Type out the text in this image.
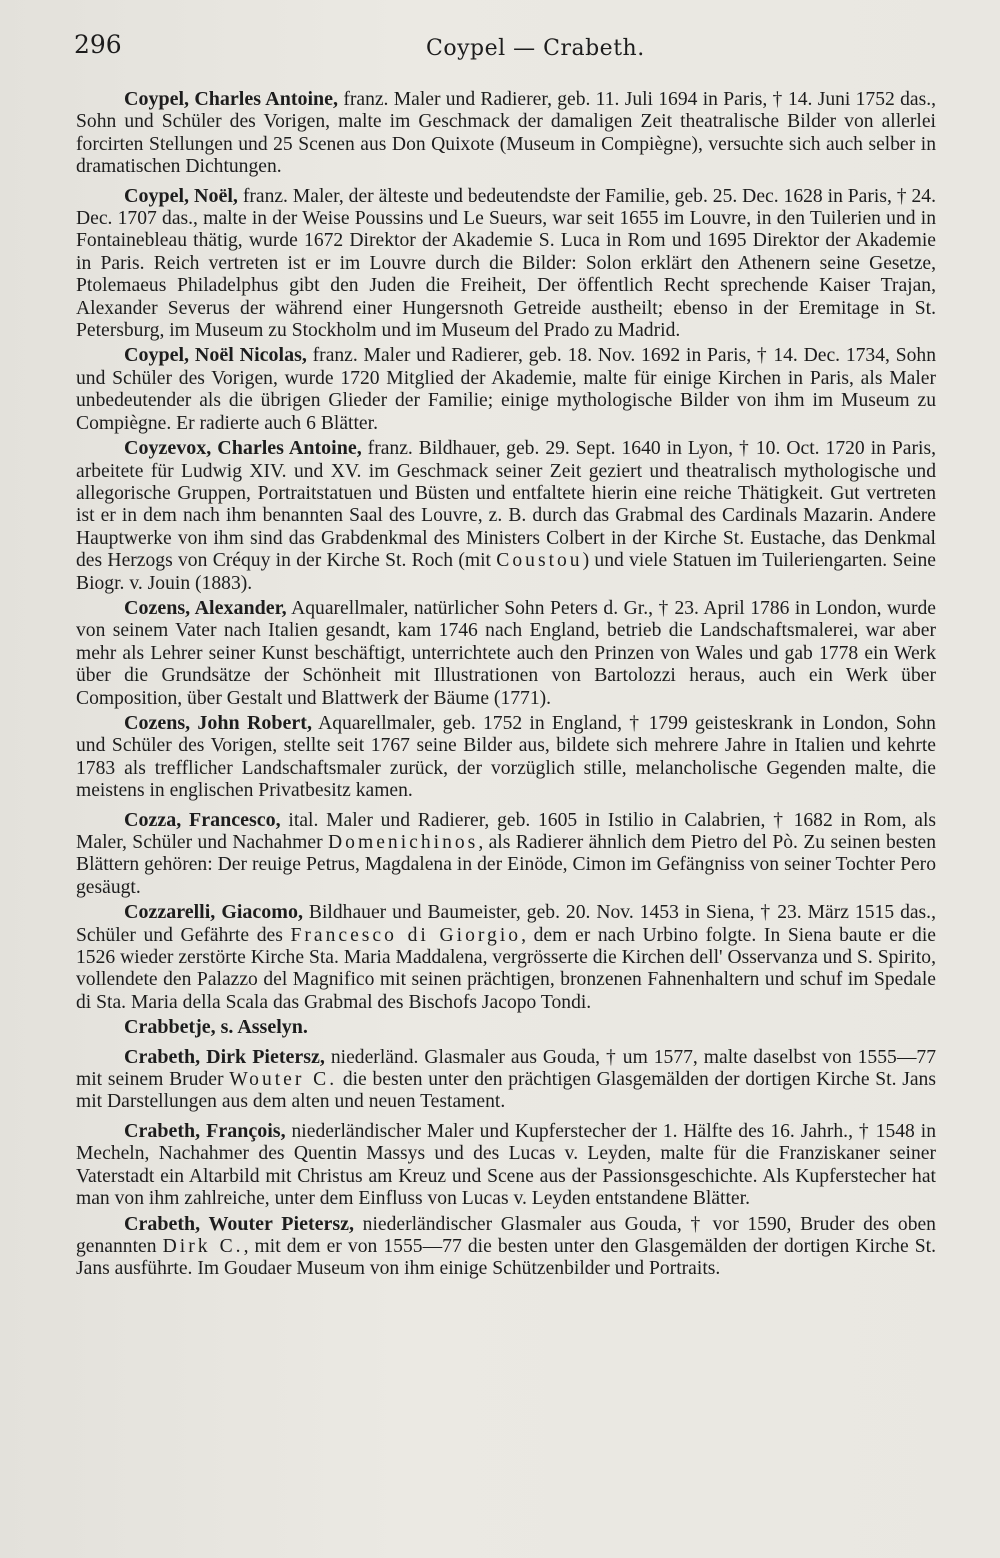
296	Coypel — Crabeth.

Coypel, Charles Antoine, franz. Maler und Radierer, geb. 11. Juli 1694 in Paris, † 14. Juni 1752 das., Sohn und Schüler des Vorigen, malte im Geschmack der damaligen Zeit theatralische Bilder von allerlei forcirten Stellungen und 25 Scenen aus Don Quixote (Museum in Compiègne), versuchte sich auch selber in dramatischen Dichtungen.

Coypel, Noël, franz. Maler, der älteste und bedeutendste der Familie, geb. 25. Dec. 1628 in Paris, † 24. Dec. 1707 das., malte in der Weise Poussins und Le Sueurs, war seit 1655 im Louvre, in den Tuilerien und in Fontainebleau thätig, wurde 1672 Direktor der Akademie S. Luca in Rom und 1695 Direktor der Akademie in Paris. Reich vertreten ist er im Louvre durch die Bilder: Solon erklärt den Athenern seine Gesetze, Ptolemaeus Philadelphus gibt den Juden die Freiheit, Der öffentlich Recht sprechende Kaiser Trajan, Alexander Severus der während einer Hungersnoth Getreide austheilt; ebenso in der Eremitage in St. Petersburg, im Museum zu Stockholm und im Museum del Prado zu Madrid.

Coypel, Noël Nicolas, franz. Maler und Radierer, geb. 18. Nov. 1692 in Paris, † 14. Dec. 1734, Sohn und Schüler des Vorigen, wurde 1720 Mitglied der Akademie, malte für einige Kirchen in Paris, als Maler unbedeutender als die übrigen Glieder der Familie; einige mythologische Bilder von ihm im Museum zu Compiègne. Er radierte auch 6 Blätter.

Coyzevox, Charles Antoine, franz. Bildhauer, geb. 29. Sept. 1640 in Lyon, † 10. Oct. 1720 in Paris, arbeitete für Ludwig XIV. und XV. im Geschmack seiner Zeit geziert und theatralisch mythologische und allegorische Gruppen, Portraitstatuen und Büsten und entfaltete hierin eine reiche Thätigkeit. Gut vertreten ist er in dem nach ihm benannten Saal des Louvre, z. B. durch das Grabmal des Cardinals Mazarin. Andere Hauptwerke von ihm sind das Grabdenkmal des Ministers Colbert in der Kirche St. Eustache, das Denkmal des Herzogs von Créquy in der Kirche St. Roch (mit Coustou) und viele Statuen im Tuileriengarten. Seine Biogr. v. Jouin (1883).

Cozens, Alexander, Aquarellmaler, natürlicher Sohn Peters d. Gr., † 23. April 1786 in London, wurde von seinem Vater nach Italien gesandt, kam 1746 nach England, betrieb die Landschaftsmalerei, war aber mehr als Lehrer seiner Kunst beschäftigt, unterrichtete auch den Prinzen von Wales und gab 1778 ein Werk über die Grundsätze der Schönheit mit Illustrationen von Bartolozzi heraus, auch ein Werk über Composition, über Gestalt und Blattwerk der Bäume (1771).

Cozens, John Robert, Aquarellmaler, geb. 1752 in England, † 1799 geisteskrank in London, Sohn und Schüler des Vorigen, stellte seit 1767 seine Bilder aus, bildete sich mehrere Jahre in Italien und kehrte 1783 als trefflicher Landschaftsmaler zurück, der vorzüglich stille, melancholische Gegenden malte, die meistens in englischen Privatbesitz kamen.

Cozza, Francesco, ital. Maler und Radierer, geb. 1605 in Istilio in Calabrien, † 1682 in Rom, als Maler, Schüler und Nachahmer Domenichinos, als Radierer ähnlich dem Pietro del Pò. Zu seinen besten Blättern gehören: Der reuige Petrus, Magdalena in der Einöde, Cimon im Gefängniss von seiner Tochter Pero gesäugt.

Cozzarelli, Giacomo, Bildhauer und Baumeister, geb. 20. Nov. 1453 in Siena, † 23. März 1515 das., Schüler und Gefährte des Francesco di Giorgio, dem er nach Urbino folgte. In Siena baute er die 1526 wieder zerstörte Kirche Sta. Maria Maddalena, vergrösserte die Kirchen dell' Osservanza und S. Spirito, vollendete den Palazzo del Magnifico mit seinen prächtigen, bronzenen Fahnenhaltern und schuf im Spedale di Sta. Maria della Scala das Grabmal des Bischofs Jacopo Tondi.

Crabbetje, s. Asselyn.

Crabeth, Dirk Pietersz, niederländ. Glasmaler aus Gouda, † um 1577, malte daselbst von 1555—77 mit seinem Bruder Wouter C. die besten unter den prächtigen Glasgemälden der dortigen Kirche St. Jans mit Darstellungen aus dem alten und neuen Testament.

Crabeth, François, niederländischer Maler und Kupferstecher der 1. Hälfte des 16. Jahrh., † 1548 in Mecheln, Nachahmer des Quentin Massys und des Lucas v. Leyden, malte für die Franziskaner seiner Vaterstadt ein Altarbild mit Christus am Kreuz und Scene aus der Passionsgeschichte. Als Kupferstecher hat man von ihm zahlreiche, unter dem Einfluss von Lucas v. Leyden entstandene Blätter.

Crabeth, Wouter Pietersz, niederländischer Glasmaler aus Gouda, † vor 1590, Bruder des oben genannten Dirk C., mit dem er von 1555—77 die besten unter den Glasgemälden der dortigen Kirche St. Jans ausführte. Im Goudaer Museum von ihm einige Schützenbilder und Portraits.
